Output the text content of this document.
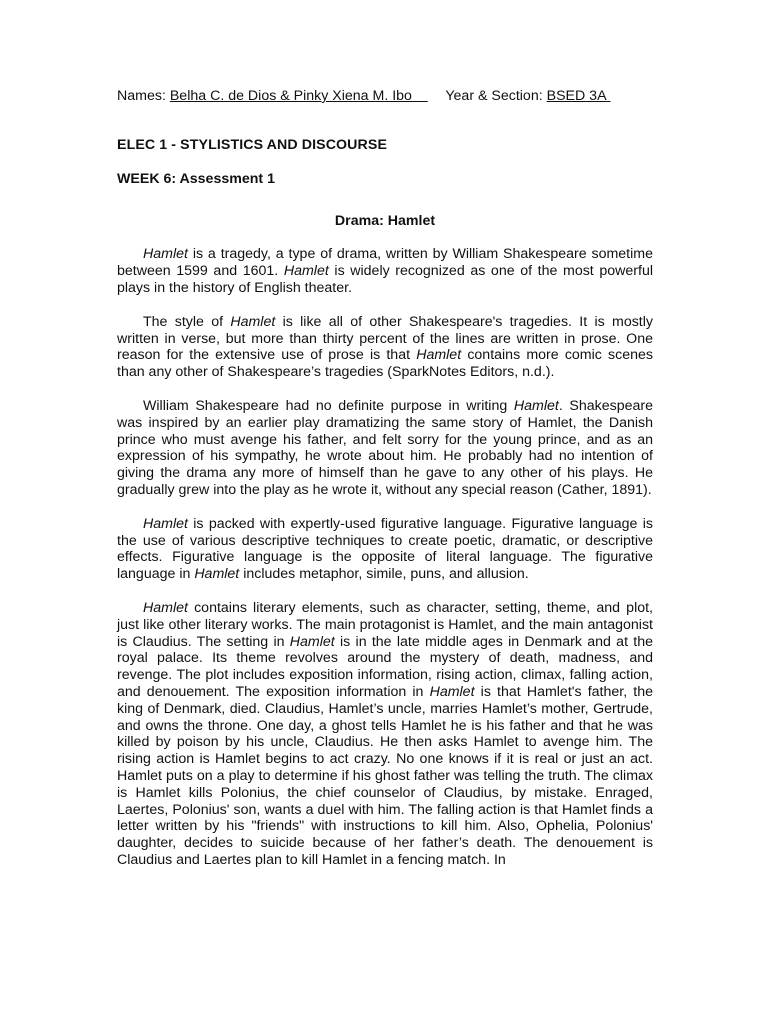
Names: Belha C. de Dios & Pinky Xiena M. Ibo Year & Section: BSED 3A
ELEC 1 - STYLISTICS AND DISCOURSE
WEEK 6: Assessment 1
Drama: Hamlet

Hamlet is a tragedy, a type of drama, written by William Shakespeare sometime between 1599 and 1601. Hamlet is widely recognized as one of the most powerful plays in the history of English theater.

The style of Hamlet is like all of other Shakespeare's tragedies. It is mostly written in verse, but more than thirty percent of the lines are written in prose. One reason for the extensive use of prose is that Hamlet contains more comic scenes than any other of Shakespeare’s tragedies (SparkNotes Editors, n.d.).

William Shakespeare had no definite purpose in writing Hamlet. Shakespeare was inspired by an earlier play dramatizing the same story of Hamlet, the Danish prince who must avenge his father, and felt sorry for the young prince, and as an expression of his sympathy, he wrote about him. He probably had no intention of giving the drama any more of himself than he gave to any other of his plays. He gradually grew into the play as he wrote it, without any special reason (Cather, 1891).

Hamlet is packed with expertly-used figurative language. Figurative language is the use of various descriptive techniques to create poetic, dramatic, or descriptive effects. Figurative language is the opposite of literal language. The figurative language in Hamlet includes metaphor, simile, puns, and allusion.

Hamlet contains literary elements, such as character, setting, theme, and plot, just like other literary works. The main protagonist is Hamlet, and the main antagonist is Claudius. The setting in Hamlet is in the late middle ages in Denmark and at the royal palace. Its theme revolves around the mystery of death, madness, and revenge. The plot includes exposition information, rising action, climax, falling action, and denouement. The exposition information in Hamlet is that Hamlet's father, the king of Denmark, died. Claudius, Hamlet’s uncle, marries Hamlet’s mother, Gertrude, and owns the throne. One day, a ghost tells Hamlet he is his father and that he was killed by poison by his uncle, Claudius. He then asks Hamlet to avenge him. The rising action is Hamlet begins to act crazy. No one knows if it is real or just an act. Hamlet puts on a play to determine if his ghost father was telling the truth. The climax is Hamlet kills Polonius, the chief counselor of Claudius, by mistake. Enraged, Laertes, Polonius' son, wants a duel with him. The falling action is that Hamlet finds a letter written by his "friends" with instructions to kill him. Also, Ophelia, Polonius' daughter, decides to suicide because of her father’s death. The denouement is Claudius and Laertes plan to kill Hamlet in a fencing match. In
